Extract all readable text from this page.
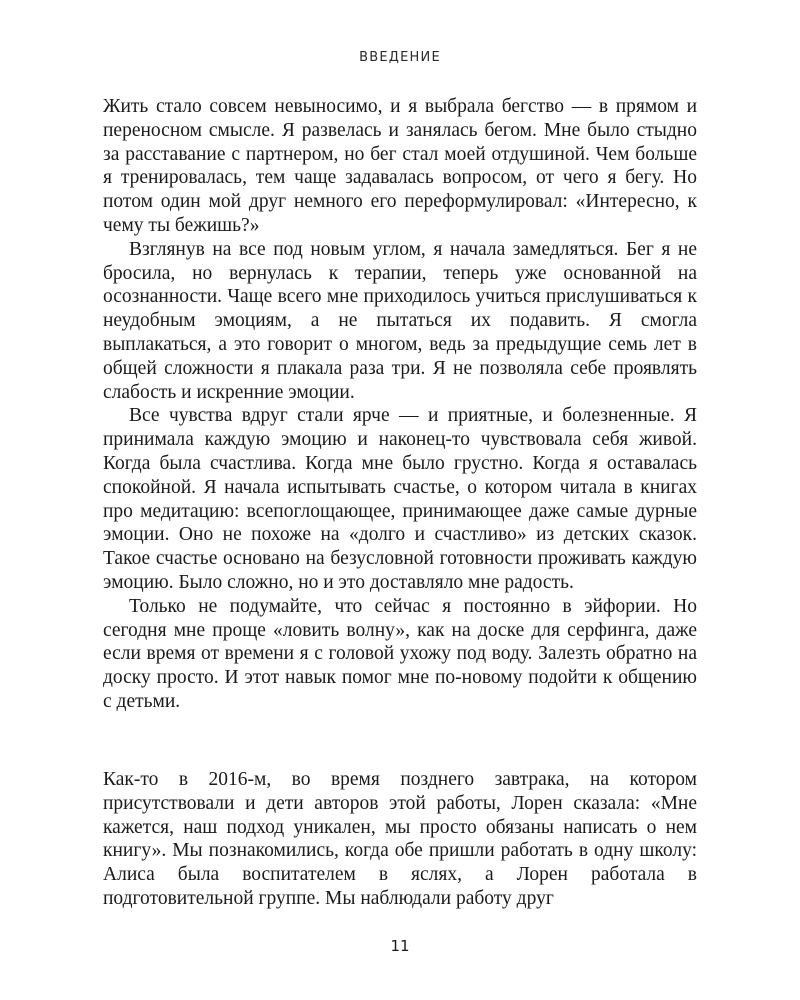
ВВЕДЕНИЕ

Жить стало совсем невыносимо, и я выбрала бегство — в прямом и переносном смысле. Я развелась и занялась бегом. Мне было стыдно за расставание с партнером, но бег стал моей отдушиной. Чем больше я тренировалась, тем чаще задавалась вопросом, от чего я бегу. Но потом один мой друг немного его переформулировал: «Интересно, к чему ты бежишь?»

Взглянув на все под новым углом, я начала замедляться. Бег я не бросила, но вернулась к терапии, теперь уже основанной на осознанности. Чаще всего мне приходилось учиться прислушиваться к неудобным эмоциям, а не пытаться их подавить. Я смогла выплакаться, а это говорит о многом, ведь за предыдущие семь лет в общей сложности я плакала раза три. Я не позволяла себе проявлять слабость и искренние эмоции.

Все чувства вдруг стали ярче — и приятные, и болезненные. Я принимала каждую эмоцию и наконец-то чувствовала себя живой. Когда была счастлива. Когда мне было грустно. Когда я оставалась спокойной. Я начала испытывать счастье, о котором читала в книгах про медитацию: всепоглощающее, принимающее даже самые дурные эмоции. Оно не похоже на «долго и счастливо» из детских сказок. Такое счастье основано на безусловной готовности проживать каждую эмоцию. Было сложно, но и это доставляло мне радость.

Только не подумайте, что сейчас я постоянно в эйфории. Но сегодня мне проще «ловить волну», как на доске для серфинга, даже если время от времени я с головой ухожу под воду. Залезть обратно на доску просто. И этот навык помог мне по-новому подойти к общению с детьми.

Как-то в 2016-м, во время позднего завтрака, на котором присутствовали и дети авторов этой работы, Лорен сказала: «Мне кажется, наш подход уникален, мы просто обязаны написать о нем книгу». Мы познакомились, когда обе пришли работать в одну школу: Алиса была воспитателем в яслях, а Лорен работала в подготовительной группе. Мы наблюдали работу друг

11
